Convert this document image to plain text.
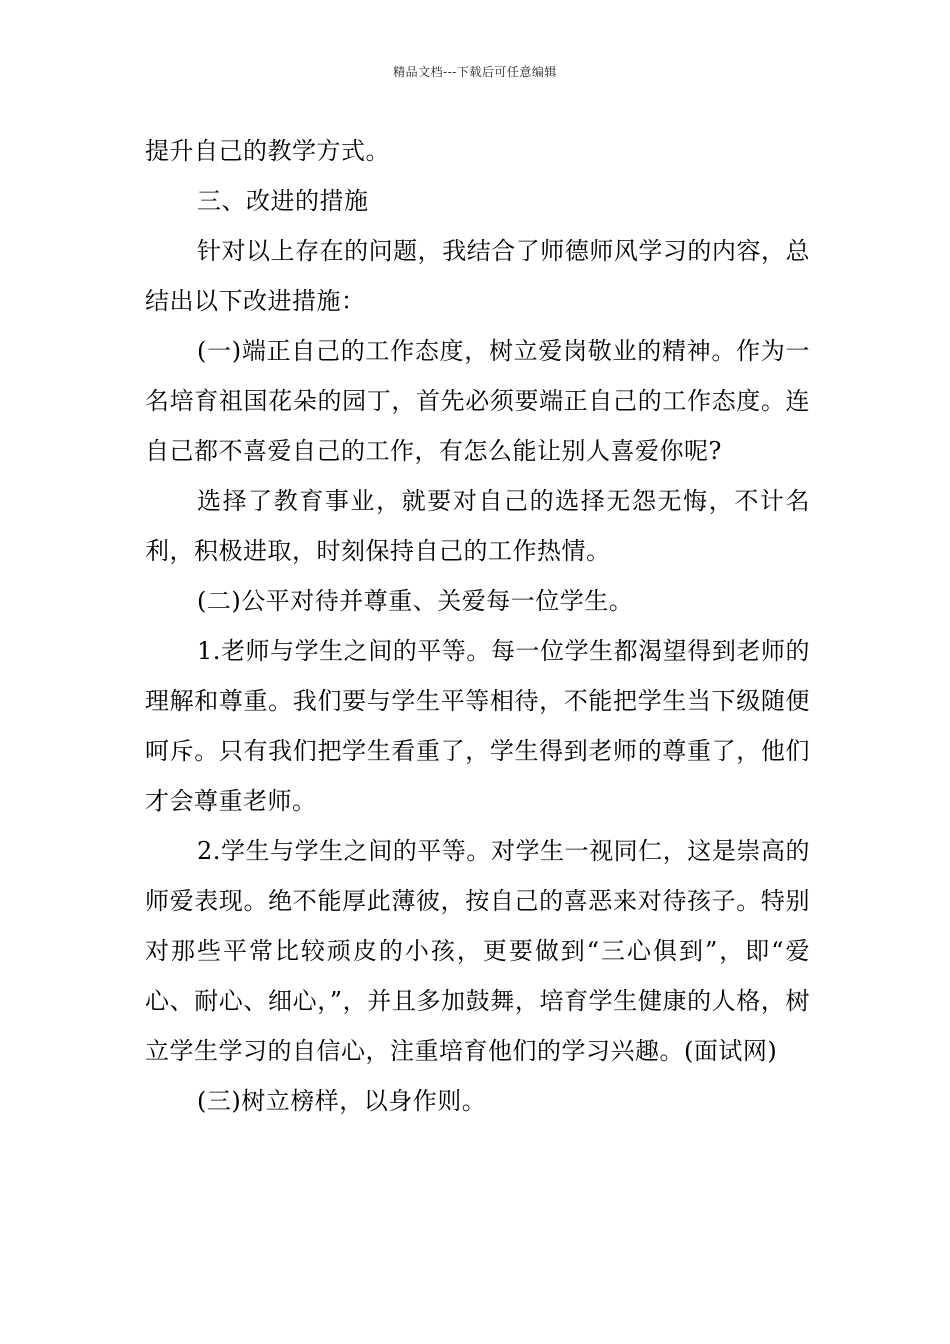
精品文档---下载后可任意编辑

提升自己的教学方式。

三、改进的措施

针对以上存在的问题，我结合了师德师风学习的内容，总结出以下改进措施：

(一)端正自己的工作态度，树立爱岗敬业的精神。作为一名培育祖国花朵的园丁，首先必须要端正自己的工作态度。连自己都不喜爱自己的工作，有怎么能让别人喜爱你呢?

选择了教育事业，就要对自己的选择无怨无悔，不计名利，积极进取，时刻保持自己的工作热情。

(二)公平对待并尊重、关爱每一位学生。

1.老师与学生之间的平等。每一位学生都渴望得到老师的理解和尊重。我们要与学生平等相待，不能把学生当下级随便呵斥。只有我们把学生看重了，学生得到老师的尊重了，他们才会尊重老师。

2.学生与学生之间的平等。对学生一视同仁，这是崇高的师爱表现。绝不能厚此薄彼，按自己的喜恶来对待孩子。特别对那些平常比较顽皮的小孩，更要做到“三心俱到”，即“爱心、耐心、细心，”，并且多加鼓舞，培育学生健康的人格，树立学生学习的自信心，注重培育他们的学习兴趣。(面试网)

(三)树立榜样，以身作则。
